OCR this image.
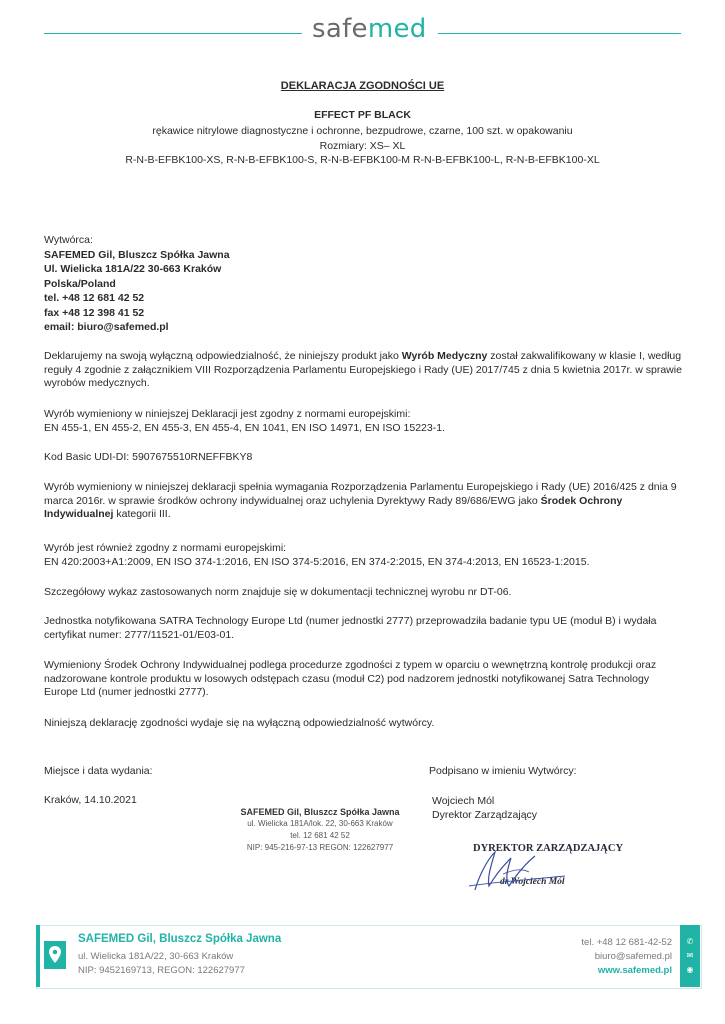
safemed
DEKLARACJA ZGODNOŚCI UE
EFFECT PF BLACK
rękawice nitrylowe diagnostyczne i ochronne, bezpudrowe, czarne, 100 szt. w opakowaniu
Rozmiary: XS– XL
R-N-B-EFBK100-XS, R-N-B-EFBK100-S, R-N-B-EFBK100-M R-N-B-EFBK100-L, R-N-B-EFBK100-XL
Wytwórca:
SAFEMED Gil, Bluszcz Spółka Jawna
Ul. Wielicka 181A/22 30-663 Kraków
Polska/Poland
tel. +48 12 681 42 52
fax +48 12 398 41 52
email: biuro@safemed.pl
Deklarujemy na swoją wyłączną odpowiedzialność, że niniejszy produkt jako Wyrób Medyczny został zakwalifikowany w klasie I, według reguły 4 zgodnie z załącznikiem VIII Rozporządzenia Parlamentu Europejskiego i Rady (UE) 2017/745 z dnia 5 kwietnia 2017r. w sprawie wyrobów medycznych.
Wyrób wymieniony w niniejszej Deklaracji jest zgodny z normami europejskimi:
EN 455-1, EN 455-2, EN 455-3, EN 455-4, EN 1041, EN ISO 14971, EN ISO 15223-1.
Kod Basic UDI-DI: 5907675510RNEFFBKY8
Wyrób wymieniony w niniejszej deklaracji spełnia wymagania Rozporządzenia Parlamentu Europejskiego i Rady (UE) 2016/425 z dnia 9 marca 2016r. w sprawie środków ochrony indywidualnej oraz uchylenia Dyrektywy Rady 89/686/EWG jako Środek Ochrony Indywidualnej kategorii III.
Wyrób jest również zgodny z normami europejskimi:
EN 420:2003+A1:2009, EN ISO 374-1:2016, EN ISO 374-5:2016, EN 374-2:2015, EN 374-4:2013, EN 16523-1:2015.
Szczegółowy wykaz zastosowanych norm znajduje się w dokumentacji technicznej wyrobu nr DT-06.
Jednostka notyfikowana SATRA Technology Europe Ltd (numer jednostki 2777) przeprowadziła badanie typu UE (moduł B) i wydała certyfikat numer: 2777/11521-01/E03-01.
Wymieniony Środek Ochrony Indywidualnej podlega procedurze zgodności z typem w oparciu o wewnętrzną kontrolę produkcji oraz nadzorowane kontrole produktu w losowych odstępach czasu (moduł C2) pod nadzorem jednostki notyfikowanej Satra Technology Europe Ltd (numer jednostki 2777).
Niniejszą deklarację zgodności wydaje się na wyłączną odpowiedzialność wytwórcy.
Miejsce i data wydania:
Kraków, 14.10.2021
Podpisano w imieniu Wytwórcy:
Wojciech Mól
Dyrektor Zarządzający
SAFEMED Gil, Bluszcz Spółka Jawna
ul. Wielicka 181A/lok. 22, 30-663 Kraków
tel. 12 681 42 52
NIP: 945-216-97-13 REGON: 122627977	DYREKTOR ZARZĄDZAJĄCY
dr Wojciech Mól
SAFEMED Gil, Bluszcz Spółka Jawna
ul. Wielicka 181A/22, 30-663 Kraków
NIP: 9452169713, REGON: 122627977
tel. +48 12 681-42-52
biuro@safemed.pl
www.safemed.pl
✆
✉
◉
